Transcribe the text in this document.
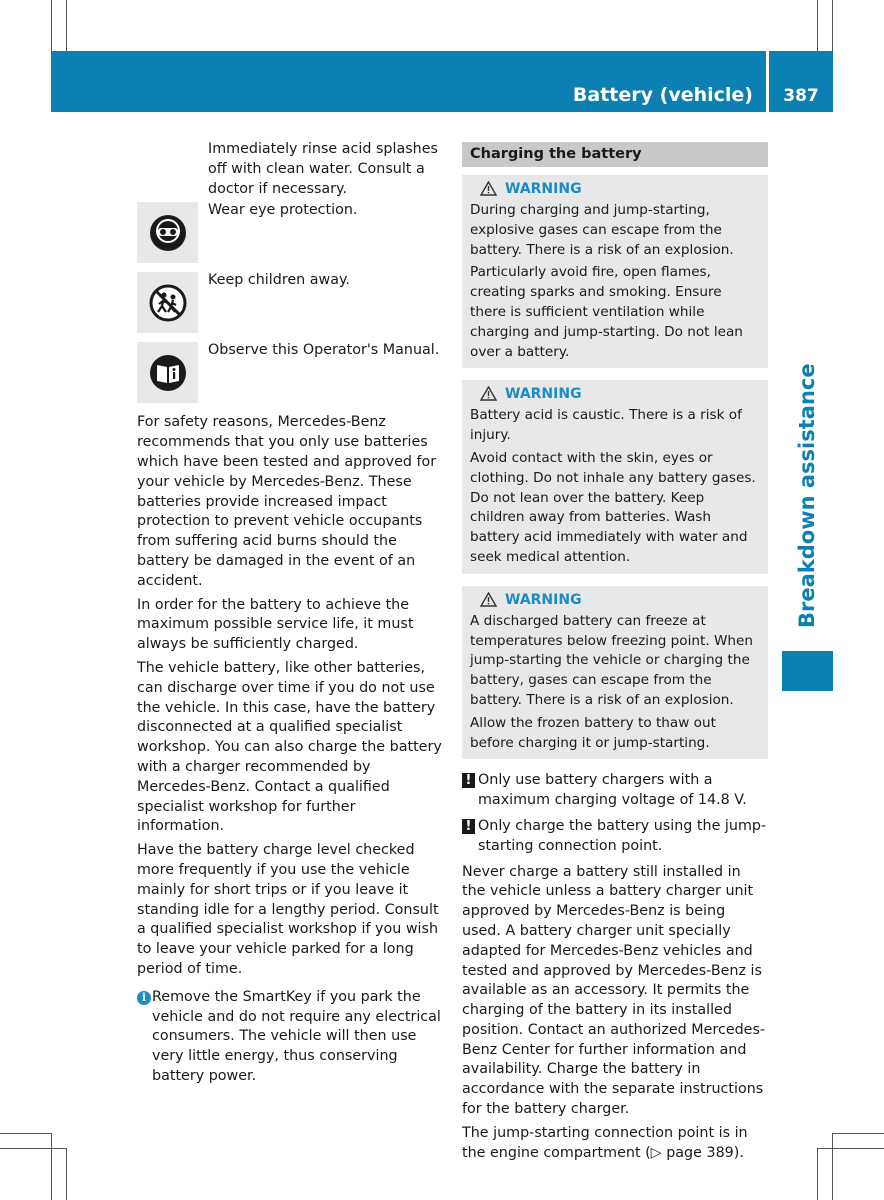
Battery (vehicle)	387
Breakdown assistance

Immediately rinse acid splashes off with clean water. Consult a doctor if necessary.

Wear eye protection.

Keep children away.

Observe this Operator's Manual.

For safety reasons, Mercedes-Benz recommends that you only use batteries which have been tested and approved for your vehicle by Mercedes-Benz. These batteries provide increased impact protection to prevent vehicle occupants from suffering acid burns should the battery be damaged in the event of an accident.

In order for the battery to achieve the maximum possible service life, it must always be sufficiently charged.

The vehicle battery, like other batteries, can discharge over time if you do not use the vehicle. In this case, have the battery disconnected at a qualified specialist workshop. You can also charge the battery with a charger recommended by Mercedes-Benz. Contact a qualified specialist workshop for further information.

Have the battery charge level checked more frequently if you use the vehicle mainly for short trips or if you leave it standing idle for a lengthy period. Consult a qualified specialist workshop if you wish to leave your vehicle parked for a long period of time.

i Remove the SmartKey if you park the vehicle and do not require any electrical consumers. The vehicle will then use very little energy, thus conserving battery power.
Charging the battery
WARNING

During charging and jump-starting, explosive gases can escape from the battery. There is a risk of an explosion.

Particularly avoid fire, open flames, creating sparks and smoking. Ensure there is sufficient ventilation while charging and jump-starting. Do not lean over a battery.

WARNING

Battery acid is caustic. There is a risk of injury.

Avoid contact with the skin, eyes or clothing. Do not inhale any battery gases. Do not lean over the battery. Keep children away from batteries. Wash battery acid immediately with water and seek medical attention.

WARNING

A discharged battery can freeze at temperatures below freezing point. When jump-starting the vehicle or charging the battery, gases can escape from the battery. There is a risk of an explosion.

Allow the frozen battery to thaw out before charging it or jump-starting.

! Only use battery chargers with a maximum charging voltage of 14.8 V.
! Only charge the battery using the jump-starting connection point.

Never charge a battery still installed in the vehicle unless a battery charger unit approved by Mercedes-Benz is being used. A battery charger unit specially adapted for Mercedes-Benz vehicles and tested and approved by Mercedes-Benz is available as an accessory. It permits the charging of the battery in its installed position. Contact an authorized Mercedes-Benz Center for further information and availability. Charge the battery in accordance with the separate instructions for the battery charger.

The jump-starting connection point is in the engine compartment (▷ page 389).
